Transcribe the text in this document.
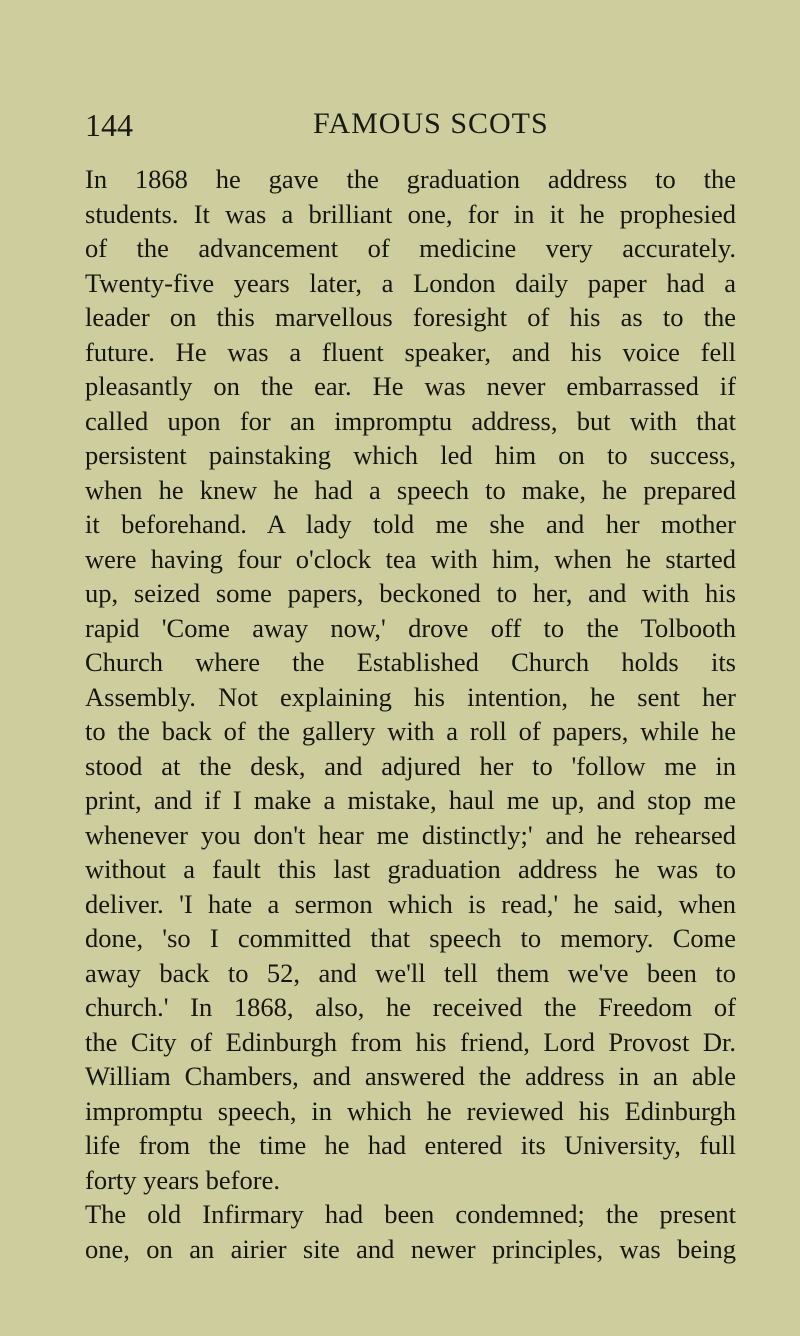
144	FAMOUS SCOTS
In 1868 he gave the graduation address to the
students. It was a brilliant one, for in it he prophesied
of the advancement of medicine very accurately.
Twenty-five years later, a London daily paper had a
leader on this marvellous foresight of his as to the
future. He was a fluent speaker, and his voice fell
pleasantly on the ear. He was never embarrassed if
called upon for an impromptu address, but with that
persistent painstaking which led him on to success,
when he knew he had a speech to make, he prepared
it beforehand. A lady told me she and her mother
were having four o'clock tea with him, when he started
up, seized some papers, beckoned to her, and with his
rapid 'Come away now,' drove off to the Tolbooth
Church where the Established Church holds its
Assembly. Not explaining his intention, he sent her
to the back of the gallery with a roll of papers, while he
stood at the desk, and adjured her to 'follow me in
print, and if I make a mistake, haul me up, and stop me
whenever you don't hear me distinctly;' and he rehearsed
without a fault this last graduation address he was to
deliver. 'I hate a sermon which is read,' he said, when
done, 'so I committed that speech to memory. Come
away back to 52, and we'll tell them we've been to
church.' In 1868, also, he received the Freedom of
the City of Edinburgh from his friend, Lord Provost Dr.
William Chambers, and answered the address in an able
impromptu speech, in which he reviewed his Edinburgh
life from the time he had entered its University, full
forty years before.
The old Infirmary had been condemned; the present
one, on an airier site and newer principles, was being
